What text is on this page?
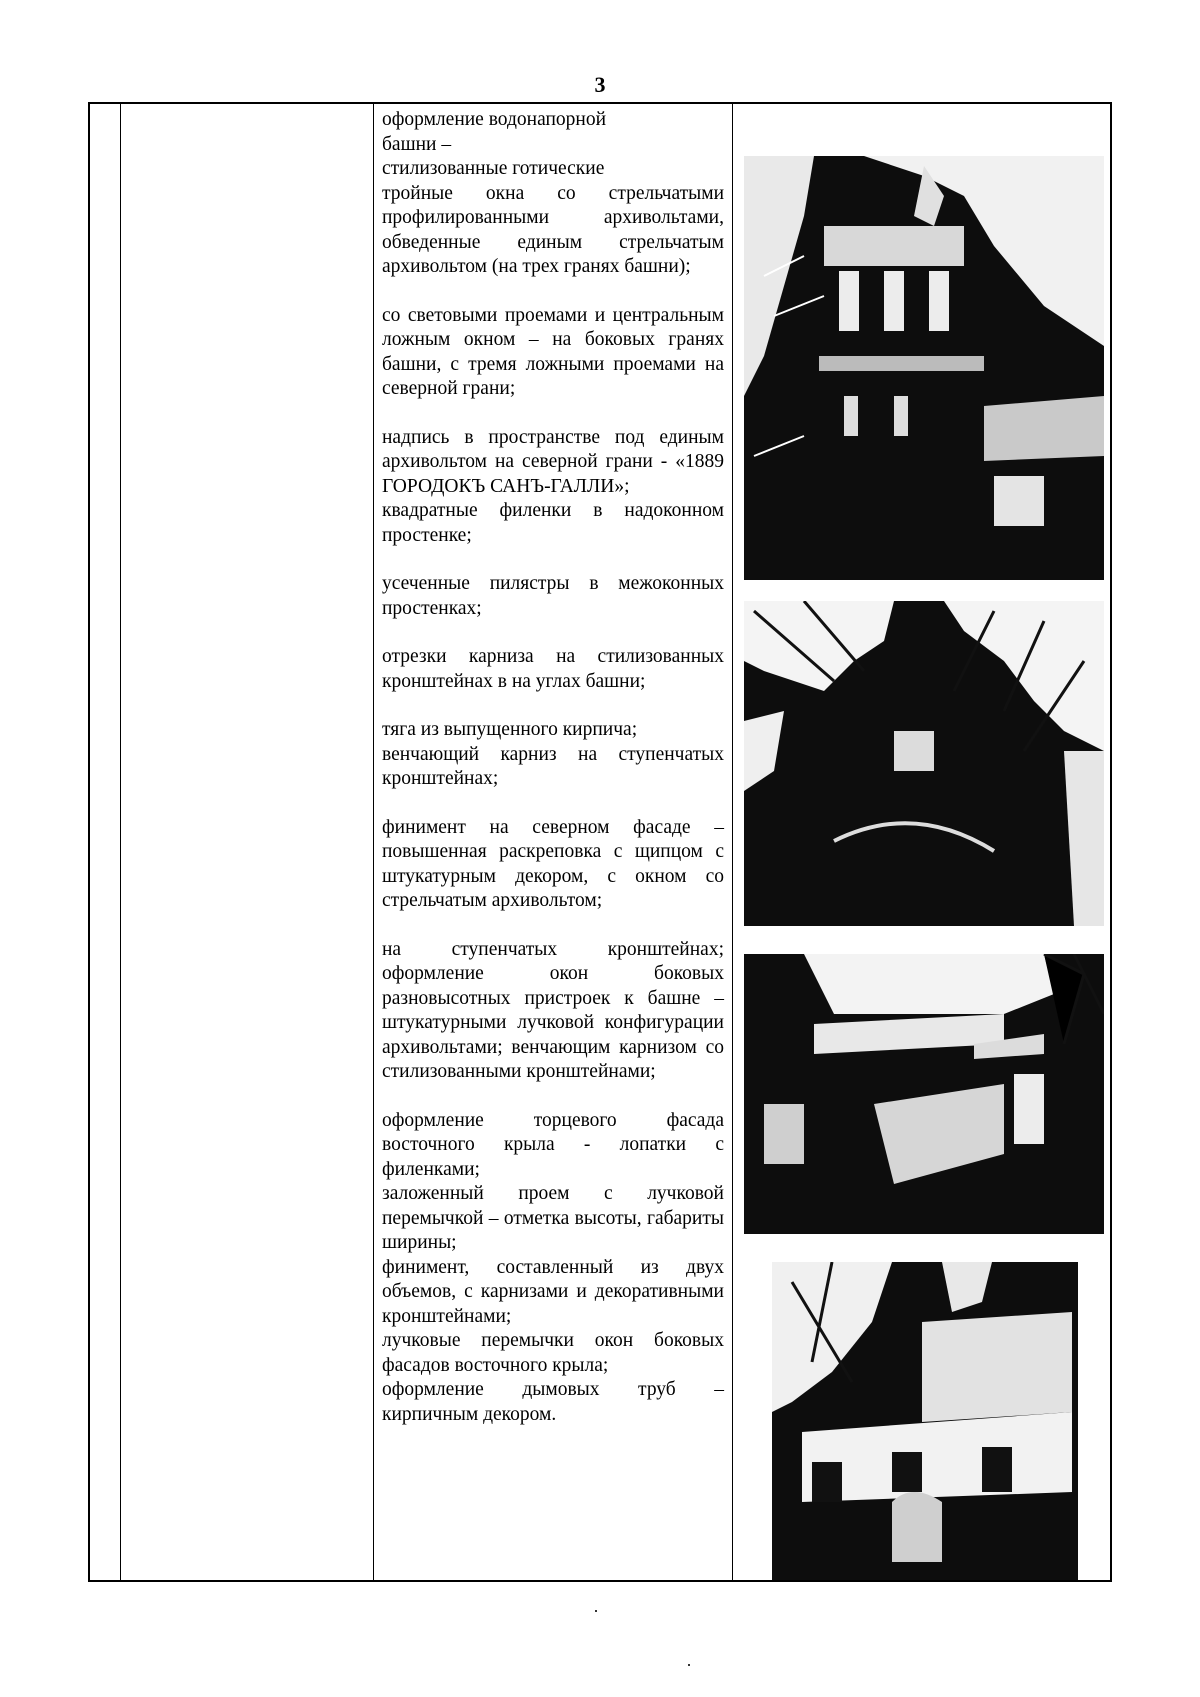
3

оформление водонапорной

башни –

стилизованные готические

тройные окна со стрельчатыми профилированными архивольтами, обведенные единым стрельчатым архивольтом (на трех гранях башни);

со световыми проемами и центральным ложным окном – на боковых гранях башни, с тремя ложными проемами на северной грани;

надпись в пространстве под единым архивольтом на северной грани - «1889 ГОРОДОКЪ САНЪ-ГАЛЛИ»;

квадратные филенки в надоконном простенке;

усеченные пилястры в межоконных простенках;

отрезки карниза на стилизованных кронштейнах в на углах башни;

тяга из выпущенного кирпича;

венчающий карниз на ступенчатых кронштейнах;

финимент на северном фасаде – повышенная раскреповка с щипцом с штукатурным декором, с окном со стрельчатым архивольтом;

на ступенчатых кронштейнах; оформление окон боковых разновысотных пристроек к башне – штукатурными лучковой конфигурации архивольтами; венчающим карнизом со стилизованными кронштейнами;

оформление торцевого фасада восточного крыла - лопатки с филенками;

заложенный проем с лучковой перемычкой – отметка высоты, габариты ширины;

финимент, составленный из двух объемов, с карнизами и декоративными кронштейнами;

лучковые перемычки окон боковых фасадов восточного крыла;

оформление дымовых труб – кирпичным декором.
